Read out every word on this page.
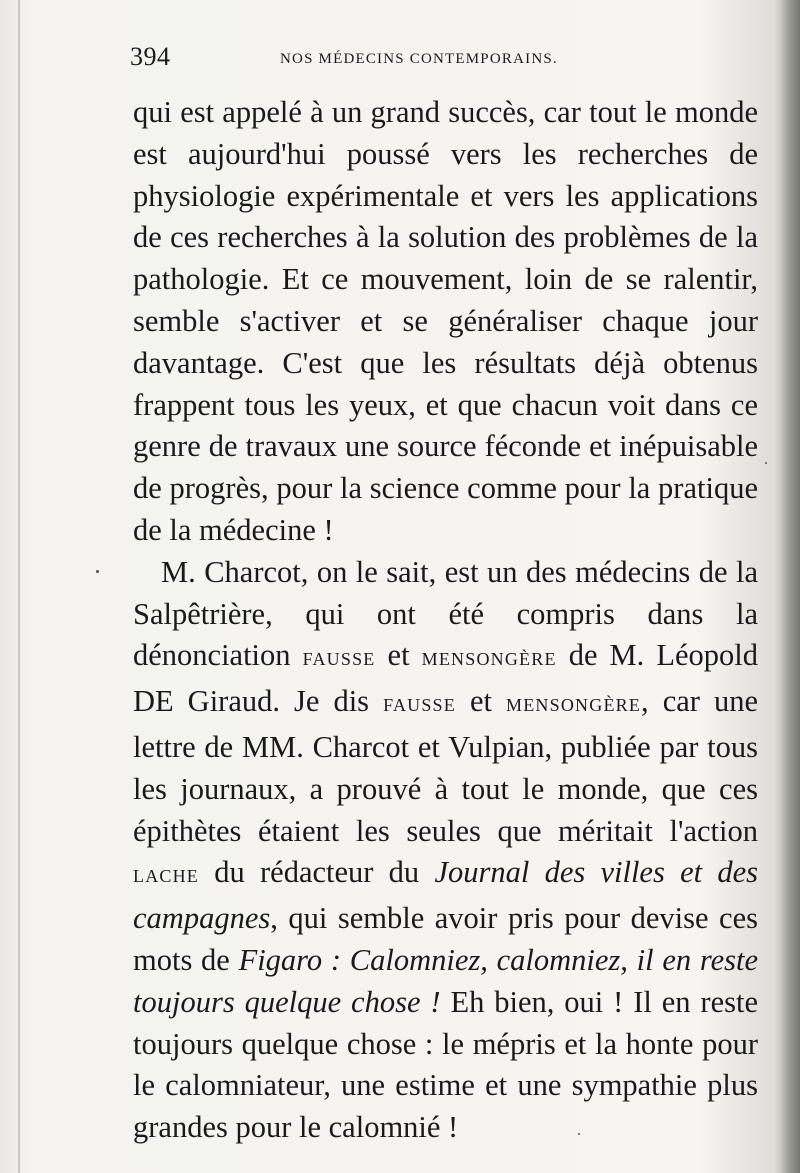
394	NOS MÉDECINS CONTEMPORAINS.

qui est appelé à un grand succès, car tout le monde est aujourd'hui poussé vers les recherches de physiologie expérimentale et vers les applications de ces recherches à la solution des problèmes de la pathologie. Et ce mouvement, loin de se ralentir, semble s'activer et se généraliser chaque jour davantage. C'est que les résultats déjà obtenus frappent tous les yeux, et que chacun voit dans ce genre de travaux une source féconde et inépuisable de progrès, pour la science comme pour la pratique de la médecine !

M. Charcot, on le sait, est un des médecins de la Salpêtrière, qui ont été compris dans la dénonciation FAUSSE et MENSONGÈRE de M. Léopold DE Giraud. Je dis FAUSSE et MENSONGÈRE, car une lettre de MM. Charcot et Vulpian, publiée par tous les journaux, a prouvé à tout le monde, que ces épithètes étaient les seules que méritait l'action LACHE du rédacteur du Journal des villes et des campagnes, qui semble avoir pris pour devise ces mots de Figaro : Calomniez, calomniez, il en reste toujours quelque chose ! Eh bien, oui ! Il en reste toujours quelque chose : le mépris et la honte pour le calomniateur, une estime et une sympathie plus grandes pour le calomnié !
